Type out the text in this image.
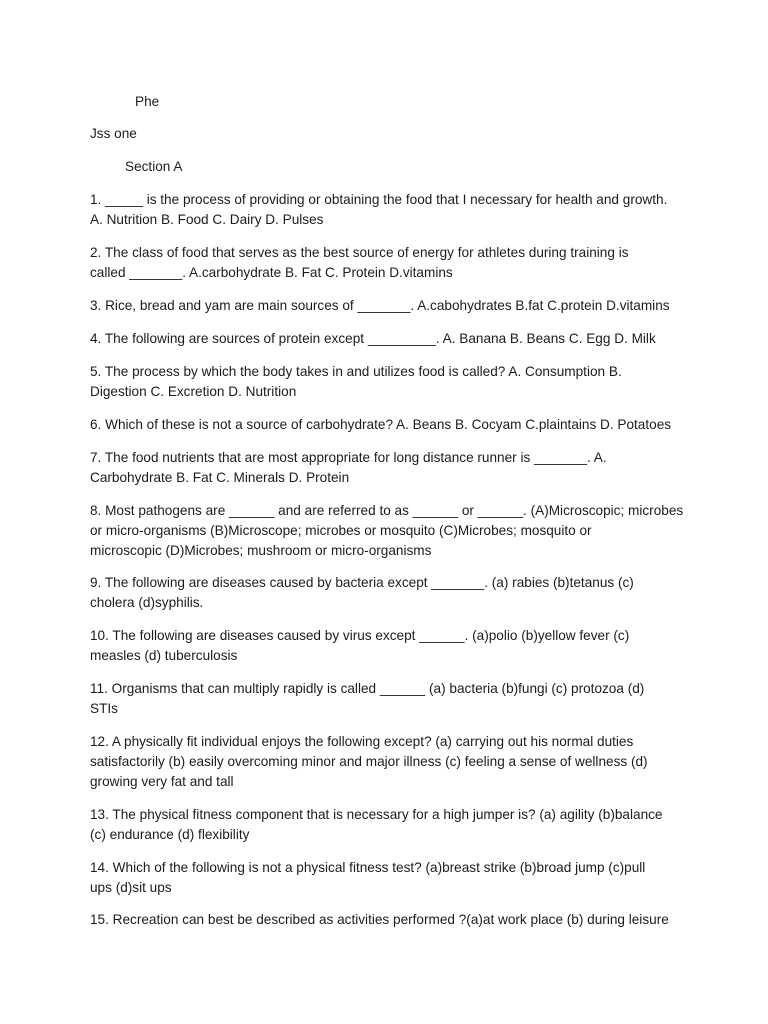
Phe
Jss one
Section A
1. _____ is the process of providing or obtaining the food that I necessary for health and growth.
A. Nutrition B. Food C. Dairy D. Pulses
2. The class of food that serves as the best source of energy for athletes during training is
called _______. A.carbohydrate B. Fat C. Protein D.vitamins
3. Rice, bread and yam are main sources of _______. A.cabohydrates B.fat C.protein D.vitamins
4. The following are sources of protein except _________. A. Banana B. Beans C. Egg D. Milk
5. The process by which the body takes in and utilizes food is called? A. Consumption B.
Digestion C. Excretion D. Nutrition
6. Which of these is not a source of carbohydrate? A. Beans B. Cocyam C.plaintains D. Potatoes
7. The food nutrients that are most appropriate for long distance runner is _______. A.
Carbohydrate B. Fat C. Minerals D. Protein
8. Most pathogens are ______ and are referred to as ______ or ______. (A)Microscopic; microbes
or micro-organisms (B)Microscope; microbes or mosquito (C)Microbes; mosquito or
microscopic (D)Microbes; mushroom or micro-organisms
9. The following are diseases caused by bacteria except _______. (a) rabies (b)tetanus (c)
cholera (d)syphilis.
10. The following are diseases caused by virus except ______. (a)polio (b)yellow fever (c)
measles (d) tuberculosis
11. Organisms that can multiply rapidly is called ______ (a) bacteria (b)fungi (c) protozoa (d)
STIs
12. A physically fit individual enjoys the following except? (a) carrying out his normal duties
satisfactorily (b) easily overcoming minor and major illness (c) feeling a sense of wellness (d)
growing very fat and tall
13. The physical fitness component that is necessary for a high jumper is? (a) agility (b)balance
(c) endurance (d) flexibility
14. Which of the following is not a physical fitness test? (a)breast strike (b)broad jump (c)pull
ups (d)sit ups
15. Recreation can best be described as activities performed ?(a)at work place (b) during leisure
